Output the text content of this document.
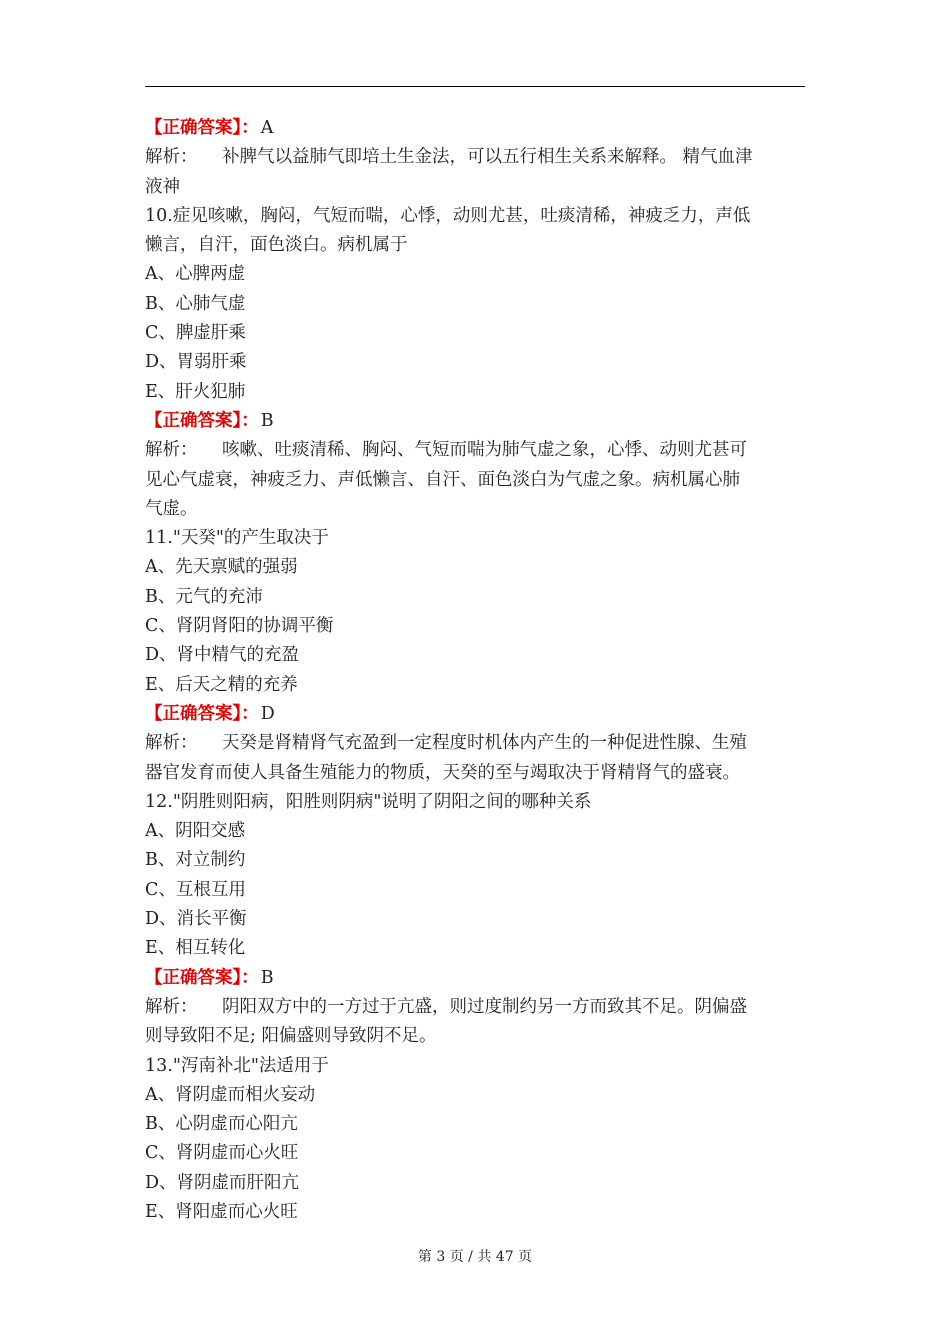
【正确答案】： A
解析： 补脾气以益肺气即培土生金法，可以五行相生关系来解释。 精气血津
液神
10.症见咳嗽，胸闷，气短而喘，心悸，动则尤甚，吐痰清稀，神疲乏力，声低
懒言，自汗，面色淡白。病机属于
A、心脾两虚
B、心肺气虚
C、脾虚肝乘
D、胃弱肝乘
E、肝火犯肺
【正确答案】： B
解析： 咳嗽、吐痰清稀、胸闷、气短而喘为肺气虚之象，心悸、动则尤甚可
见心气虚衰，神疲乏力、声低懒言、自汗、面色淡白为气虚之象。病机属心肺
气虚。
11."天癸"的产生取决于
A、先天禀赋的强弱
B、元气的充沛
C、肾阴肾阳的协调平衡
D、肾中精气的充盈
E、后天之精的充养
【正确答案】： D
解析： 天癸是肾精肾气充盈到一定程度时机体内产生的一种促进性腺、生殖
器官发育而使人具备生殖能力的物质，天癸的至与竭取决于肾精肾气的盛衰。
12."阴胜则阳病，阳胜则阴病"说明了阴阳之间的哪种关系
A、阴阳交感
B、对立制约
C、互根互用
D、消长平衡
E、相互转化
【正确答案】： B
解析： 阴阳双方中的一方过于亢盛，则过度制约另一方而致其不足。阴偏盛
则导致阳不足; 阳偏盛则导致阴不足。
13."泻南补北"法适用于
A、肾阴虚而相火妄动
B、心阴虚而心阳亢
C、肾阴虚而心火旺
D、肾阴虚而肝阳亢
E、肾阳虚而心火旺
第 3 页 / 共 47 页
